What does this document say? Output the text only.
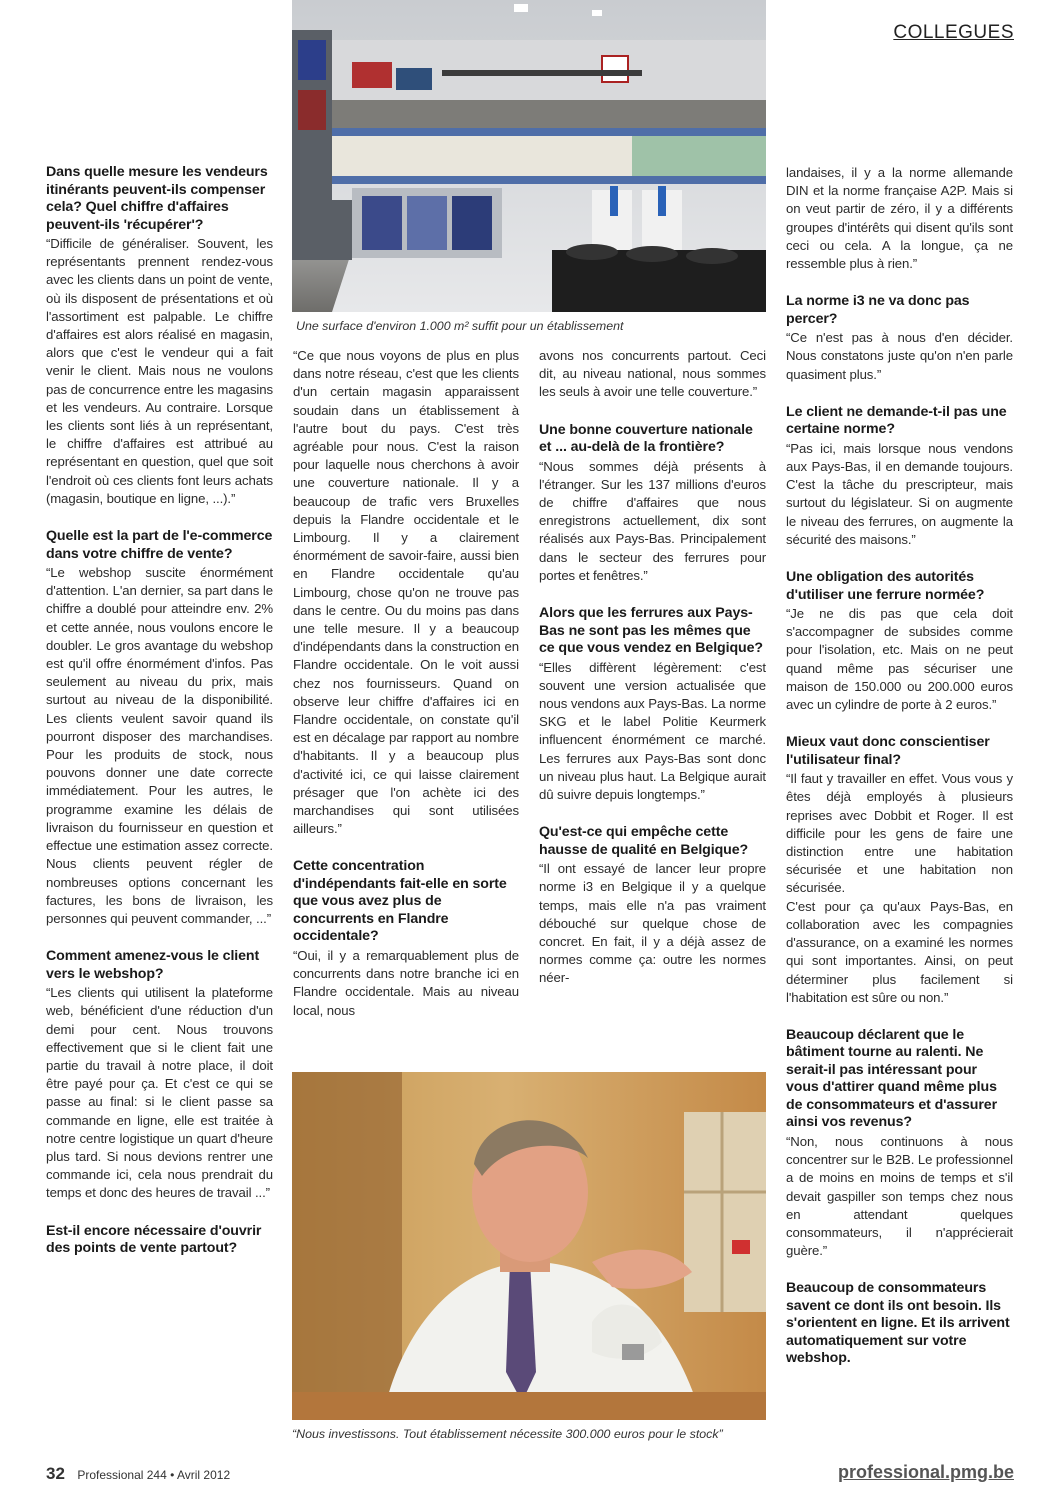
COLLEGUES
Une surface d'environ 1.000 m² suffit pour un établissement
Dans quelle mesure les vendeurs itinérants peuvent-ils compenser cela? Quel chiffre d'affaires peuvent-ils 'récupérer'?
“Difficile de généraliser. Souvent, les représentants prennent rendez-vous avec les clients dans un point de vente, où ils disposent de présentations et où l'assortiment est palpable. Le chiffre d'affaires est alors réalisé en magasin, alors que c'est le vendeur qui a fait venir le client. Mais nous ne voulons pas de concurrence entre les magasins et les vendeurs. Au contraire. Lorsque les clients sont liés à un représentant, le chiffre d'affaires est attribué au représentant en question, quel que soit l'endroit où ces clients font leurs achats (magasin, boutique en ligne, ...).”
Quelle est la part de l'e-commerce dans votre chiffre de vente?
“Le webshop suscite énormément d'attention. L'an dernier, sa part dans le chiffre a doublé pour atteindre env. 2% et cette année, nous voulons encore le doubler. Le gros avantage du webshop est qu'il offre énormément d'infos. Pas seulement au niveau du prix, mais surtout au niveau de la disponibilité. Les clients veulent savoir quand ils pourront disposer des marchandises. Pour les produits de stock, nous pouvons donner une date correcte immédiatement. Pour les autres, le programme examine les délais de livraison du fournisseur en question et effectue une estimation assez correcte. Nous clients peuvent régler de nombreuses options concernant les factures, les bons de livraison, les personnes qui peuvent commander, ...”
Comment amenez-vous le client vers le webshop?
“Les clients qui utilisent la plateforme web, bénéficient d'une réduction d'un demi pour cent. Nous trouvons effectivement que si le client fait une partie du travail à notre place, il doit être payé pour ça. Et c'est ce qui se passe au final: si le client passe sa commande en ligne, elle est traitée à notre centre logistique un quart d'heure plus tard. Si nous devions rentrer une commande ici, cela nous prendrait du temps et donc des heures de travail ...”
Est-il encore nécessaire d'ouvrir des points de vente partout?
“Ce que nous voyons de plus en plus dans notre réseau, c'est que les clients d'un certain magasin apparaissent soudain dans un établissement à l'autre bout du pays. C'est très agréable pour nous. C'est la raison pour laquelle nous cherchons à avoir une couverture nationale. Il y a beaucoup de trafic vers Bruxelles depuis la Flandre occidentale et le Limbourg. Il y a clairement énormément de savoir-faire, aussi bien en Flandre occidentale qu'au Limbourg, chose qu'on ne trouve pas dans le centre. Ou du moins pas dans une telle mesure. Il y a beaucoup d'indépendants dans la construction en Flandre occidentale. On le voit aussi chez nos fournisseurs. Quand on observe leur chiffre d'affaires ici en Flandre occidentale, on constate qu'il est en décalage par rapport au nombre d'habitants. Il y a beaucoup plus d'activité ici, ce qui laisse clairement présager que l'on achète ici des marchandises qui sont utilisées ailleurs.”
Cette concentration d'indépendants fait-elle en sorte que vous avez plus de concurrents en Flandre occidentale?
“Oui, il y a remarquablement plus de concurrents dans notre branche ici en Flandre occidentale. Mais au niveau local, nous
avons nos concurrents partout. Ceci dit, au niveau national, nous sommes les seuls à avoir une telle couverture.”
Une bonne couverture nationale et ... au-delà de la frontière?
“Nous sommes déjà présents à l'étranger. Sur les 137 millions d'euros de chiffre d'affaires que nous enregistrons actuellement, dix sont réalisés aux Pays-Bas. Principalement dans le secteur des ferrures pour portes et fenêtres.”
Alors que les ferrures aux Pays-Bas ne sont pas les mêmes que ce que vous vendez en Belgique?
“Elles diffèrent légèrement: c'est souvent une version actualisée que nous vendons aux Pays-Bas. La norme SKG et le label Politie Keurmerk influencent énormément ce marché. Les ferrures aux Pays-Bas sont donc un niveau plus haut. La Belgique aurait dû suivre depuis longtemps.”
Qu'est-ce qui empêche cette hausse de qualité en Belgique?
“Il ont essayé de lancer leur propre norme i3 en Belgique il y a quelque temps, mais elle n'a pas vraiment débouché sur quelque chose de concret. En fait, il y a déjà assez de normes comme ça: outre les normes néer-
landaises, il y a la norme allemande DIN et la norme française A2P. Mais si on veut partir de zéro, il y a différents groupes d'intérêts qui disent qu'ils sont ceci ou cela. A la longue, ça ne ressemble plus à rien.”
La norme i3 ne va donc pas percer?
“Ce n'est pas à nous d'en décider. Nous constatons juste qu'on n'en parle quasiment plus.”
Le client ne demande-t-il pas une certaine norme?
“Pas ici, mais lorsque nous vendons aux Pays-Bas, il en demande toujours. C'est la tâche du prescripteur, mais surtout du législateur. Si on augmente le niveau des ferrures, on augmente la sécurité des maisons.”
Une obligation des autorités d'utiliser une ferrure normée?
“Je ne dis pas que cela doit s'accompagner de subsides comme pour l'isolation, etc. Mais on ne peut quand même pas sécuriser une maison de 150.000 ou 200.000 euros avec un cylindre de porte à 2 euros.”
Mieux vaut donc conscientiser l'utilisateur final?
“Il faut y travailler en effet. Vous vous y êtes déjà employés à plusieurs reprises avec Dobbit et Roger. Il est difficile pour les gens de faire une distinction entre une habitation sécurisée et une habitation non sécurisée.
C'est pour ça qu'aux Pays-Bas, en collaboration avec les compagnies d'assurance, on a examiné les normes qui sont importantes. Ainsi, on peut déterminer plus facilement si l'habitation est sûre ou non.”
Beaucoup déclarent que le bâtiment tourne au ralenti. Ne serait-il pas intéressant pour vous d'attirer quand même plus de consommateurs et d'assurer ainsi vos revenus?
“Non, nous continuons à nous concentrer sur le B2B. Le professionnel a de moins en moins de temps et s'il devait gaspiller son temps chez nous en attendant quelques consommateurs, il n'apprécierait guère.”
Beaucoup de consommateurs savent ce dont ils ont besoin. Ils s'orientent en ligne. Et ils arrivent automatiquement sur votre webshop.
“Nous investissons. Tout établissement nécessite 300.000 euros pour le stock”
32 Professional 244 • Avril 2012	professional.pmg.be
